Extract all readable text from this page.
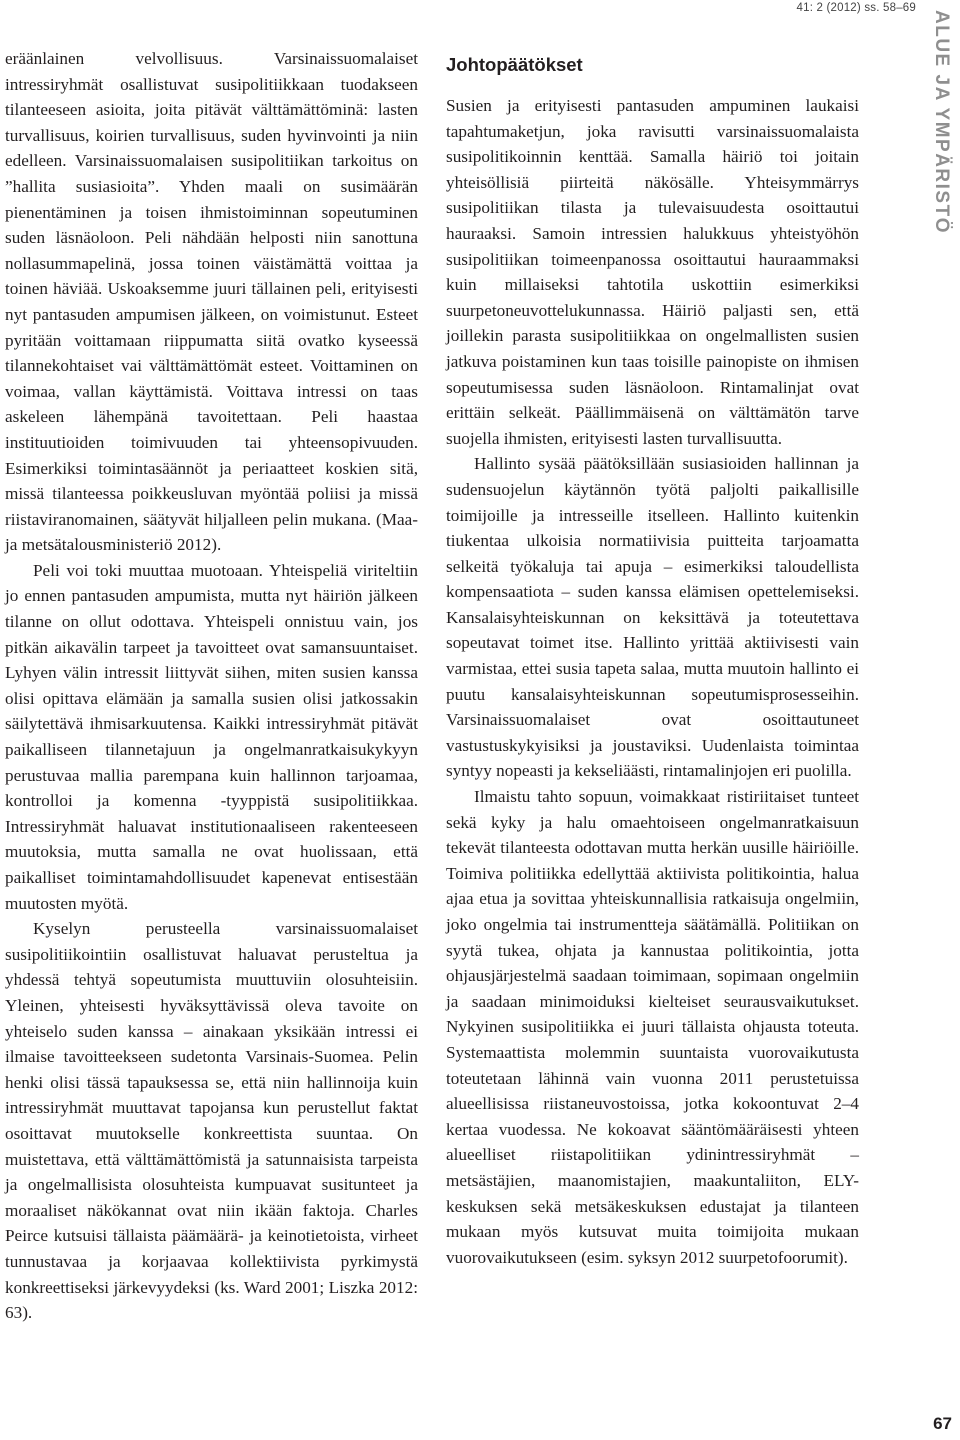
41: 2 (2012) ss. 58–69
ALUE JA YMPÄRISTÖ

eräänlainen velvollisuus. Varsinaissuomalaiset intressiryhmät osallistuvat susipolitiikkaan tuodakseen tilanteeseen asioita, joita pitävät välttämättöminä: lasten turvallisuus, koirien turvallisuus, suden hyvinvointi ja niin edelleen. Varsinaissuomalaisen susipolitiikan tarkoitus on ”hallita susiasioita”. Yhden maali on susimäärän pienentäminen ja toisen ihmistoiminnan sopeutuminen suden läsnäoloon. Peli nähdään helposti niin sanottuna nollasummapelinä, jossa toinen väistämättä voittaa ja toinen häviää. Uskoaksemme juuri tällainen peli, erityisesti nyt pantasuden ampumisen jälkeen, on voimistunut. Esteet pyritään voittamaan riippumatta siitä ovatko kyseessä tilannekohtaiset vai välttämättömät esteet. Voittaminen on voimaa, vallan käyttämistä. Voittava intressi on taas askeleen lähempänä tavoitettaan. Peli haastaa instituutioiden toimivuuden tai yhteensopivuuden. Esimerkiksi toimintasäännöt ja periaatteet koskien sitä, missä tilanteessa poikkeusluvan myöntää poliisi ja missä riistaviranomainen, säätyvät hiljalleen pelin mukana. (Maa- ja metsätalousministeriö 2012).

Peli voi toki muuttaa muotoaan. Yhteispeliä viriteltiin jo ennen pantasuden ampumista, mutta nyt häiriön jälkeen tilanne on ollut odottava. Yhteispeli onnistuu vain, jos pitkän aikavälin tarpeet ja tavoitteet ovat samansuuntaiset. Lyhyen välin intressit liittyvät siihen, miten susien kanssa olisi opittava elämään ja samalla susien olisi jatkossakin säilytettävä ihmisarkuutensa. Kaikki intressiryhmät pitävät paikalliseen tilannetajuun ja ongelmanratkaisukykyyn perustuvaa mallia parempana kuin hallinnon tarjoamaa, kontrolloi ja komenna -tyyppistä susipolitiikkaa. Intressiryhmät haluavat institutionaaliseen rakenteeseen muutoksia, mutta samalla ne ovat huolissaan, että paikalliset toimintamahdollisuudet kapenevat entisestään muutosten myötä.

Kyselyn perusteella varsinaissuomalaiset susipolitiikointiin osallistuvat haluavat perusteltua ja yhdessä tehtyä sopeutumista muuttuviin olosuhteisiin. Yleinen, yhteisesti hyväksyttävissä oleva tavoite on yhteiselo suden kanssa – ainakaan yksikään intressi ei ilmaise tavoitteekseen sudetonta Varsinais-Suomea. Pelin henki olisi tässä tapauksessa se, että niin hallinnoija kuin intressiryhmät muuttavat tapojansa kun perustellut faktat osoittavat muutokselle konkreettista suuntaa. On muistettava, että välttämättömistä ja satunnaisista tarpeista ja ongelmallisista olosuhteista kumpuavat susitunteet ja moraaliset näkökannat ovat niin ikään faktoja. Charles Peirce kutsuisi tällaista päämäärä- ja keinotietoista, virheet tunnustavaa ja korjaavaa kollektiivista pyrkimystä konkreettiseksi järkevyydeksi (ks. Ward 2001; Liszka 2012: 63).

Johtopäätökset

Susien ja erityisesti pantasuden ampuminen laukaisi tapahtumaketjun, joka ravisutti varsinaissuomalaista susipolitikoinnin kenttää. Samalla häiriö toi joitain yhteisöllisiä piirteitä näkösälle. Yhteisymmärrys susipolitiikan tilasta ja tulevaisuudesta osoittautui hauraaksi. Samoin intressien halukkuus yhteistyöhön susipolitiikan toimeenpanossa osoittautui hauraammaksi kuin millaiseksi tahtotila uskottiin esimerkiksi suurpetoneuvottelukunnassa. Häiriö paljasti sen, että joillekin parasta susipolitiikkaa on ongelmallisten susien jatkuva poistaminen kun taas toisille painopiste on ihmisen sopeutumisessa suden läsnäoloon. Rintamalinjat ovat erittäin selkeät. Päällimmäisenä on välttämätön tarve suojella ihmisten, erityisesti lasten turvallisuutta.

Hallinto sysää päätöksillään susiasioiden hallinnan ja sudensuojelun käytännön työtä paljolti paikallisille toimijoille ja intresseille itselleen. Hallinto kuitenkin tiukentaa ulkoisia normatiivisia puitteita tarjoamatta selkeitä työkaluja tai apuja – esimerkiksi taloudellista kompensaatiota – suden kanssa elämisen opettelemiseksi. Kansalaisyhteiskunnan on keksittävä ja toteutettava sopeutavat toimet itse. Hallinto yrittää aktiivisesti vain varmistaa, ettei susia tapeta salaa, mutta muutoin hallinto ei puutu kansalaisyhteiskunnan sopeutumisprosesseihin. Varsinaissuomalaiset ovat osoittautuneet vastustuskykyisiksi ja joustaviksi. Uudenlaista toimintaa syntyy nopeasti ja kekseliäästi, rintamalinjojen eri puolilla.

Ilmaistu tahto sopuun, voimakkaat ristiriitaiset tunteet sekä kyky ja halu omaehtoiseen ongelmanratkaisuun tekevät tilanteesta odottavan mutta herkän uusille häiriöille. Toimiva politiikka edellyttää aktiivista politikointia, halua ajaa etua ja sovittaa yhteiskunnallisia ratkaisuja ongelmiin, joko ongelmia tai instrumentteja säätämällä. Politiikan on syytä tukea, ohjata ja kannustaa politikointia, jotta ohjausjärjestelmä saadaan toimimaan, sopimaan ongelmiin ja saadaan minimoiduksi kielteiset seurausvaikutukset. Nykyinen susipolitiikka ei juuri tällaista ohjausta toteuta. Systemaattista molemmin suuntaista vuorovaikutusta toteutetaan lähinnä vain vuonna 2011 perustetuissa alueellisissa riistaneuvostoissa, jotka kokoontuvat 2–4 kertaa vuodessa. Ne kokoavat sääntömääräisesti yhteen alueelliset riistapolitiikan ydinintressiryhmät – metsästäjien, maanomistajien, maakuntaliiton, ELY-keskuksen sekä metsäkeskuksen edustajat ja tilanteen mukaan myös kutsuvat muita toimijoita mukaan vuorovaikutukseen (esim. syksyn 2012 suurpetofoorumit).

67
